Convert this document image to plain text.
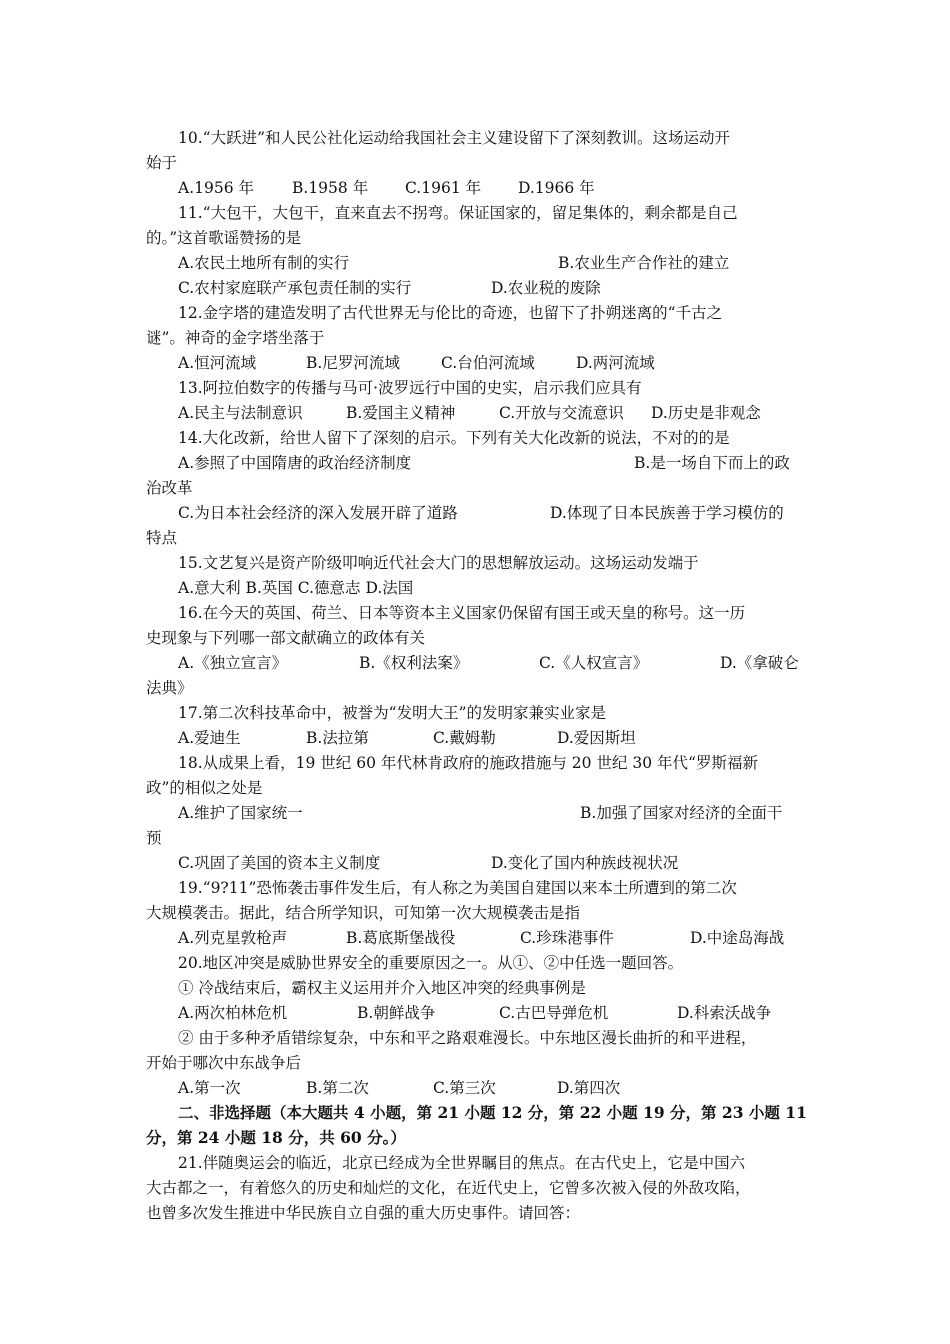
10.“大跃进”和人民公社化运动给我国社会主义建设留下了深刻教训。这场运动开
始于
A.1956 年 B.1958 年 C.1961 年 D.1966 年
11.“大包干，大包干，直来直去不拐弯。保证国家的，留足集体的，剩余都是自己
的。”这首歌谣赞扬的是
A.农民土地所有制的实行	B.农业生产合作社的建立
C.农村家庭联产承包责任制的实行	D.农业税的废除
12.金字塔的建造发明了古代世界无与伦比的奇迹，也留下了扑朔迷离的“千古之
谜”。神奇的金字塔坐落于
A.恒河流域	B.尼罗河流域	C.台伯河流域	D.两河流域
13.阿拉伯数字的传播与马可·波罗远行中国的史实，启示我们应具有
A.民主与法制意识	B.爱国主义精神	C.开放与交流意识 D.历史是非观念
14.大化改新，给世人留下了深刻的启示。下列有关大化改新的说法，不对的的是
A.参照了中国隋唐的政治经济制度	B.是一场自下而上的政
治改革
C.为日本社会经济的深入发展开辟了道路	D.体现了日本民族善于学习模仿的
特点
15.文艺复兴是资产阶级叩响近代社会大门的思想解放运动。这场运动发端于
A.意大利 B.英国 C.德意志 D.法国
16.在今天的英国、荷兰、日本等资本主义国家仍保留有国王或天皇的称号。这一历
史现象与下列哪一部文献确立的政体有关
A.《独立宣言》	B.《权利法案》	C.《人权宣言》	D.《拿破仑
法典》
17.第二次科技革命中，被誉为“发明大王”的发明家兼实业家是
A.爱迪生	B.法拉第	C.戴姆勒	D.爱因斯坦
18.从成果上看，19 世纪 60 年代林肯政府的施政措施与 20 世纪 30 年代“罗斯福新
政”的相似之处是
A.维护了国家统一	B.加强了国家对经济的全面干
预
C.巩固了美国的资本主义制度	D.变化了国内种族歧视状况
19.“9?11”恐怖袭击事件发生后，有人称之为美国自建国以来本土所遭到的第二次
大规模袭击。据此，结合所学知识，可知第一次大规模袭击是指
A.列克星敦枪声	B.葛底斯堡战役	C.珍珠港事件	D.中途岛海战
20.地区冲突是威胁世界安全的重要原因之一。从①、②中任选一题回答。
① 冷战结束后，霸权主义运用并介入地区冲突的经典事例是
A.两次柏林危机	B.朝鲜战争	C.古巴导弹危机	D.科索沃战争
② 由于多种矛盾错综复杂，中东和平之路艰难漫长。中东地区漫长曲折的和平进程，
开始于哪次中东战争后
A.第一次	B.第二次	C.第三次	D.第四次
二、非选择题（本大题共 4 小题，第 21 小题 12 分，第 22 小题 19 分，第 23 小题 11
分，第 24 小题 18 分，共 60 分。）
21.伴随奥运会的临近，北京已经成为全世界瞩目的焦点。在古代史上，它是中国六
大古都之一，有着悠久的历史和灿烂的文化，在近代史上，它曾多次被入侵的外敌攻陷，
也曾多次发生推进中华民族自立自强的重大历史事件。请回答：
